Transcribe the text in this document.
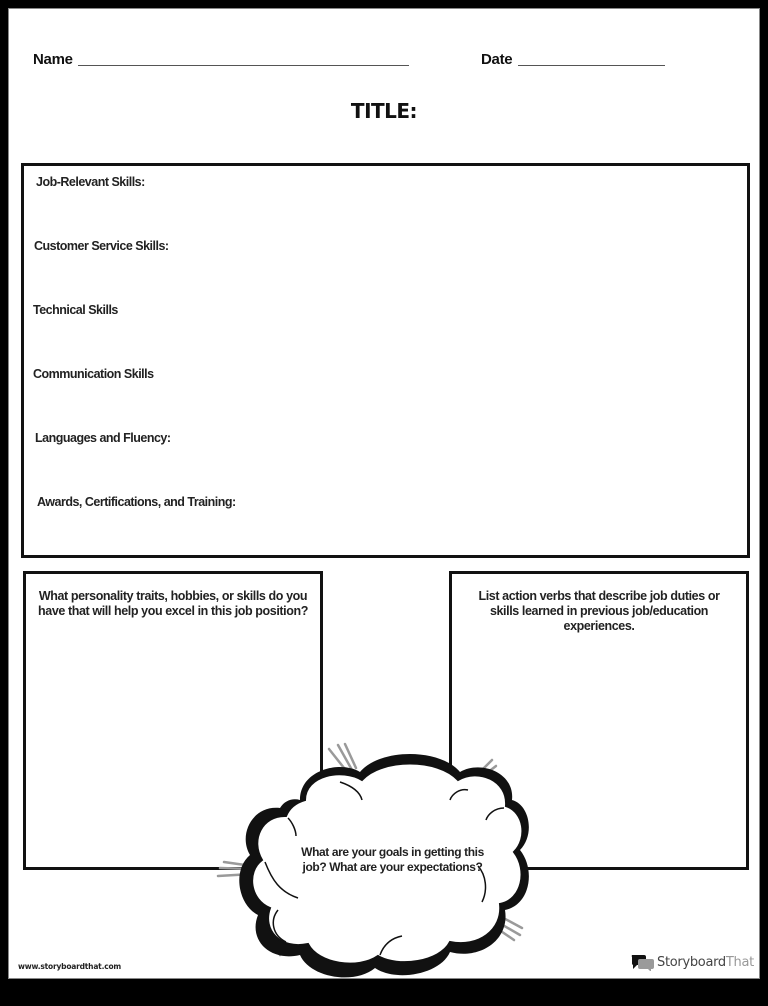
Name	Date
TITLE:
Job-Relevant Skills:
Customer Service Skills:
Technical Skills
Communication Skills
Languages and Fluency:
Awards, Certifications, and Training:
What personality traits, hobbies, or skills do you have that will help you excel in this job position?
List action verbs that describe job duties or skills learned in previous job/education experiences.
What are your goals in getting this job? What are your expectations?
www.storyboardthat.com	StoryboardThat
